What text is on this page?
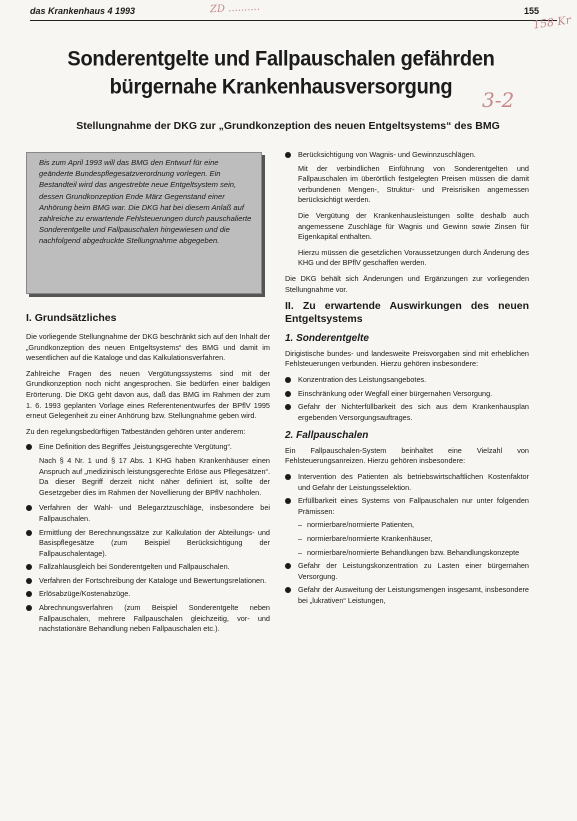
das Krankenhaus 4 1993	155
ZD ..........
158 Kr
Sonderentgelte und Fallpauschalen gefährden
bürgernahe Krankenhausversorgung
3-2
Stellungnahme der DKG zur „Grundkonzeption des neuen Entgeltsystems“ des BMG

Bis zum April 1993 will das BMG den Entwurf für eine geänderte Bundespflegesatzverordnung vorlegen. Ein Bestandteil wird das angestrebte neue Entgeltsystem sein, dessen Grundkonzeption Ende März Gegenstand einer Anhörung beim BMG war. Die DKG hat bei diesem Anlaß auf zahlreiche zu erwartende Fehlsteuerungen durch pauschalierte Sonderentgelte und Fallpauschalen hingewiesen und die nachfolgend abgedruckte Stellungnahme abgegeben.

I. Grundsätzliches

Die vorliegende Stellungnahme der DKG beschränkt sich auf den Inhalt der „Grundkonzeption des neuen Entgeltsystems“ des BMG und damit im wesentlichen auf die Kataloge und das Kalkulationsverfahren.

Zahlreiche Fragen des neuen Vergütungssystems sind mit der Grundkonzeption noch nicht angesprochen. Sie bedürfen einer baldigen Erörterung. Die DKG geht davon aus, daß das BMG im Rahmen der zum 1. 6. 1993 geplanten Vorlage eines Referentenentwurfes der BPflV 1995 erneut Gelegenheit zu einer Anhörung bzw. Stellungnahme geben wird.

Zu den regelungsbedürftigen Tatbeständen gehören unter anderem:

Eine Definition des Begriffes „leistungsgerechte Vergütung“.

Nach § 4 Nr. 1 und § 17 Abs. 1 KHG haben Krankenhäuser einen Anspruch auf „medizinisch leistungsgerechte Erlöse aus Pflegesätzen“. Da dieser Begriff derzeit nicht näher definiert ist, sollte der Gesetzgeber dies im Rahmen der Novellierung der BPflV nachholen.

Verfahren der Wahl- und Belegarztzuschläge, insbesondere bei Fallpauschalen.
Ermittlung der Berechnungssätze zur Kalkulation der Abteilungs- und Basispflegesätze (zum Beispiel Berücksichtigung der Fallpauschalentage).
Fallzahlausgleich bei Sonderentgelten und Fallpauschalen.
Verfahren der Fortschreibung der Kataloge und Bewertungsrelationen.
Erlösabzüge/Kostenabzüge.
Abrechnungsverfahren (zum Beispiel Sonderentgelte neben Fallpauschalen, mehrere Fallpauschalen gleichzeitig, vor- und nachstationäre Behandlung neben Fallpauschalen etc.).
Berücksichtigung von Wagnis- und Gewinnzuschlägen.

Mit der verbindlichen Einführung von Sonderentgelten und Fallpauschalen im überörtlich festgelegten Preisen müssen die damit verbundenen Mengen-, Struktur- und Preisrisiken angemessen berücksichtigt werden.

Die Vergütung der Krankenhausleistungen sollte deshalb auch angemessene Zuschläge für Wagnis und Gewinn sowie Zinsen für Eigenkapital enthalten.

Hierzu müssen die gesetzlichen Voraussetzungen durch Änderung des KHG und der BPflV geschaffen werden.

Die DKG behält sich Änderungen und Ergänzungen zur vorliegenden Stellungnahme vor.

II. Zu erwartende Auswirkungen des neuen Entgeltsystems
1. Sonderentgelte

Dirigistische bundes- und landesweite Preisvorgaben sind mit erheblichen Fehlsteuerungen verbunden. Hierzu gehören insbesondere:

Konzentration des Leistungsangebotes.
Einschränkung oder Wegfall einer bürgernahen Versorgung.
Gefahr der Nichterfüllbarkeit des sich aus dem Krankenhausplan ergebenden Versorgungsauftrages.
2. Fallpauschalen

Ein Fallpauschalen-System beinhaltet eine Vielzahl von Fehlsteuerungsanreizen. Hierzu gehören insbesondere:

Intervention des Patienten als betriebswirtschaftlichen Kostenfaktor und Gefahr der Leistungsselektion.
Erfüllbarkeit eines Systems von Fallpauschalen nur unter folgenden Prämissen:
– normierbare/normierte Patienten,
– normierbare/normierte Krankenhäuser,
– normierbare/normierte Behandlungen bzw. Behandlungskonzepte
Gefahr der Leistungskonzentration zu Lasten einer bürgernahen Versorgung.
Gefahr der Ausweitung der Leistungsmengen insgesamt, insbesondere bei „lukrativen“ Leistungen,
